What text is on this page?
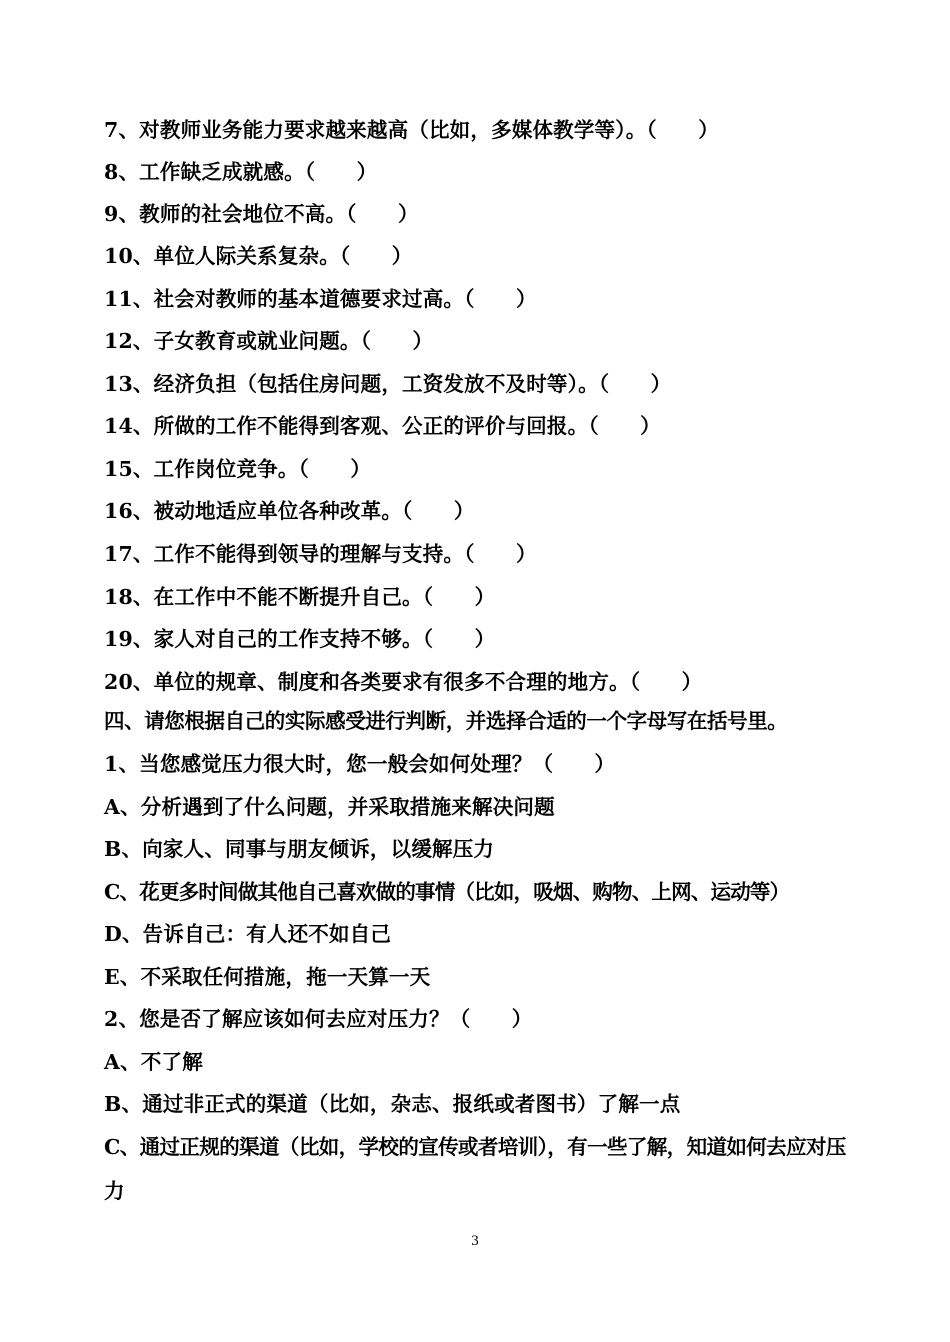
7、对教师业务能力要求越来越高（比如，多媒体教学等）。（　　）
8、工作缺乏成就感。（　　）
9、教师的社会地位不高。（　　）
10、单位人际关系复杂。（　　）
11、社会对教师的基本道德要求过高。（　　）
12、子女教育或就业问题。（　　）
13、经济负担（包括住房问题，工资发放不及时等）。（　　）
14、所做的工作不能得到客观、公正的评价与回报。（　　）
15、工作岗位竞争。（　　）
16、被动地适应单位各种改革。（　　）
17、工作不能得到领导的理解与支持。（　　）
18、在工作中不能不断提升自己。（　　）
19、家人对自己的工作支持不够。（　　）
20、单位的规章、制度和各类要求有很多不合理的地方。（　　）
四、请您根据自己的实际感受进行判断，并选择合适的一个字母写在括号里。
1、当您感觉压力很大时，您一般会如何处理？（　　）
A、分析遇到了什么问题，并采取措施来解决问题
B、向家人、同事与朋友倾诉，以缓解压力
C、花更多时间做其他自己喜欢做的事情（比如，吸烟、购物、上网、运动等）
D、告诉自己：有人还不如自己
E、不采取任何措施，拖一天算一天
2、您是否了解应该如何去应对压力？（　　）
A、不了解
B、通过非正式的渠道（比如，杂志、报纸或者图书）了解一点
C、通过正规的渠道（比如，学校的宣传或者培训），有一些了解，知道如何去应对压力
3
